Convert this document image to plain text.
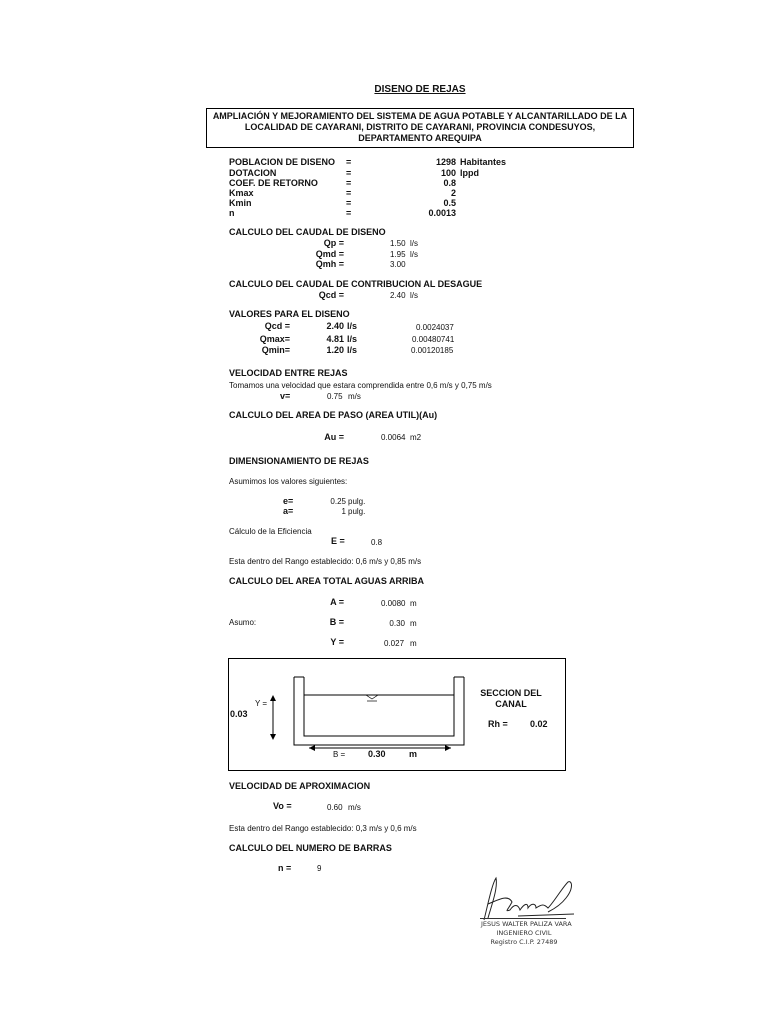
DISENO DE REJAS
AMPLIACIÓN Y MEJORAMIENTO DEL SISTEMA DE AGUA POTABLE Y ALCANTARILLADO DE LA LOCALIDAD DE CAYARANI, DISTRITO DE CAYARANI, PROVINCIA CONDESUYOS, DEPARTAMENTO AREQUIPA
POBLACION DE DISENO =	1298 Habitantes
DOTACION	=	100 lppd
COEF. DE RETORNO	=	0.8
Kmax	=	2
Kmin	=	0.5
n	=	0.0013
CALCULO DEL CAUDAL DE DISENO
Qp =	1.50 l/s
Qmd =	1.95 l/s
Qmh =	3.00
CALCULO DEL CAUDAL DE CONTRIBUCION AL DESAGUE
Qcd =	2.40 l/s
VALORES PARA EL DISENO
Qcd =	2.40 l/s	0.0024037
Qmax=	4.81 l/s	0.00480741
Qmin=	1.20 l/s	0.00120185
VELOCIDAD ENTRE REJAS
Tomamos una velocidad que estara comprendida entre 0,6 m/s y 0,75 m/s
v=	0.75 m/s
CALCULO DEL AREA DE PASO (AREA UTIL)(Au)
Au =	0.0064 m2
DIMENSIONAMIENTO DE REJAS
Asumimos los valores siguientes:
e=	0.25 pulg.
a=	1 pulg.
Cálculo de la Eficiencia
E =	0.8
Esta dentro del Rango establecido: 0,6 m/s y 0,85 m/s
CALCULO DEL AREA TOTAL AGUAS ARRIBA
A =	0.0080 m
Asumo:	B =	0.30 m
Y =	0.027 m
Y =
0.03
B =	0.30	m
SECCION DEL CANAL
Rh = 0.02
VELOCIDAD DE APROXIMACION
Vo =	0.60 m/s
Esta dentro del Rango establecido: 0,3 m/s y 0,6 m/s
CALCULO DEL NUMERO DE BARRAS
n =	9
JESUS WALTER PALIZA VARA
INGENIERO CIVIL
Registro C.I.P. 27489
